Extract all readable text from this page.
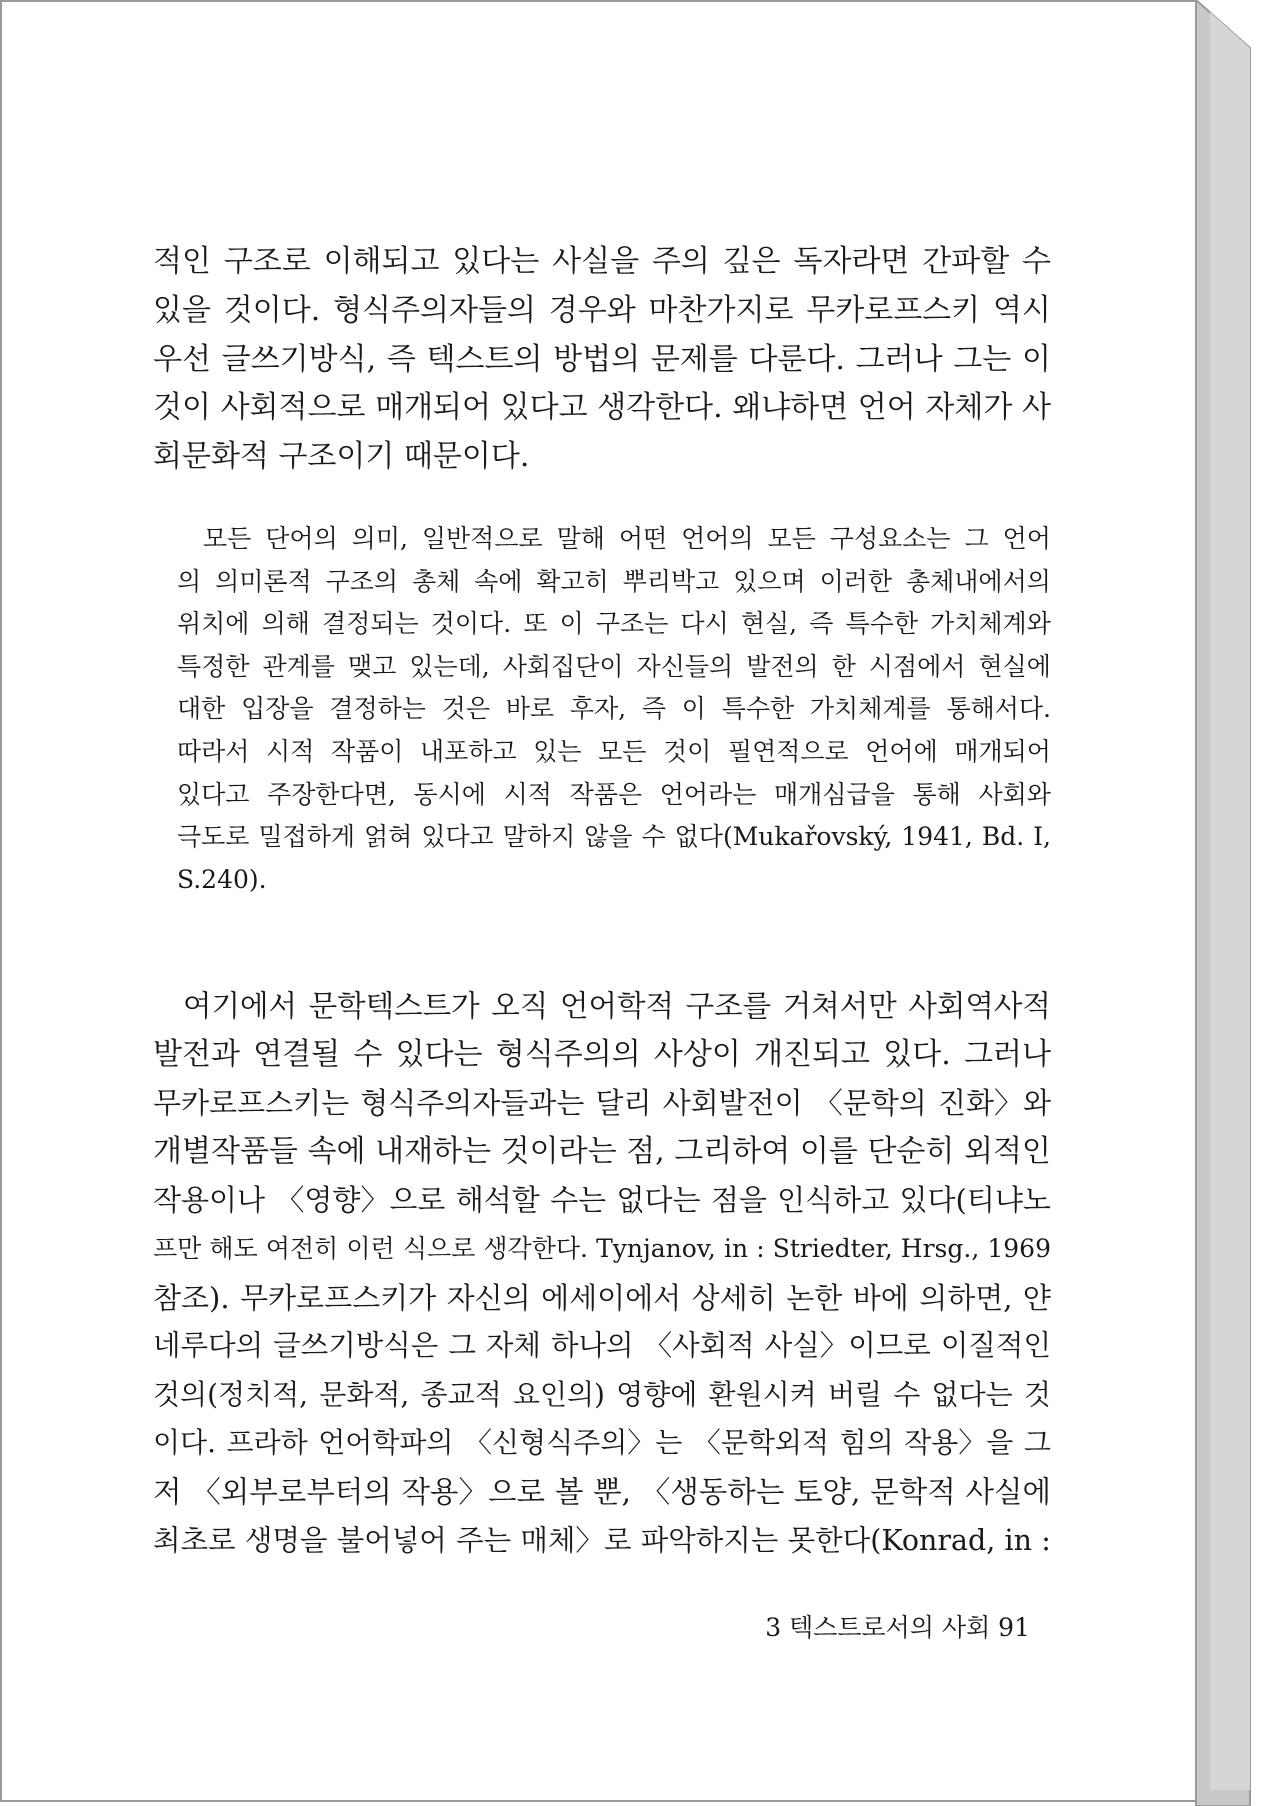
적인 구조로 이해되고 있다는 사실을 주의 깊은 독자라면 간파할 수
있을 것이다. 형식주의자들의 경우와 마찬가지로 무카로프스키 역시
우선 글쓰기방식, 즉 텍스트의 방법의 문제를 다룬다. 그러나 그는 이
것이 사회적으로 매개되어 있다고 생각한다. 왜냐하면 언어 자체가 사
회문화적 구조이기 때문이다.
모든 단어의 의미, 일반적으로 말해 어떤 언어의 모든 구성요소는 그 언어
의 의미론적 구조의 총체 속에 확고히 뿌리박고 있으며 이러한 총체내에서의
위치에 의해 결정되는 것이다. 또 이 구조는 다시 현실, 즉 특수한 가치체계와
특정한 관계를 맺고 있는데, 사회집단이 자신들의 발전의 한 시점에서 현실에
대한 입장을 결정하는 것은 바로 후자, 즉 이 특수한 가치체계를 통해서다.
따라서 시적 작품이 내포하고 있는 모든 것이 필연적으로 언어에 매개되어
있다고 주장한다면, 동시에 시적 작품은 언어라는 매개심급을 통해 사회와
극도로 밀접하게 얽혀 있다고 말하지 않을 수 없다(Mukařovský, 1941, Bd. I,
S.240).
여기에서 문학텍스트가 오직 언어학적 구조를 거쳐서만 사회역사적
발전과 연결될 수 있다는 형식주의의 사상이 개진되고 있다. 그러나
무카로프스키는 형식주의자들과는 달리 사회발전이 〈문학의 진화〉와
개별작품들 속에 내재하는 것이라는 점, 그리하여 이를 단순히 외적인
작용이나 〈영향〉으로 해석할 수는 없다는 점을 인식하고 있다(티냐노
프만 해도 여전히 이런 식으로 생각한다. Tynjanov, in : Striedter, Hrsg., 1969
참조). 무카로프스키가 자신의 에세이에서 상세히 논한 바에 의하면, 얀
네루다의 글쓰기방식은 그 자체 하나의 〈사회적 사실〉이므로 이질적인
것의(정치적, 문화적, 종교적 요인의) 영향에 환원시켜 버릴 수 없다는 것
이다. 프라하 언어학파의 〈신형식주의〉는 〈문학외적 힘의 작용〉을 그
저 〈외부로부터의 작용〉으로 볼 뿐, 〈생동하는 토양, 문학적 사실에
최초로 생명을 불어넣어 주는 매체〉로 파악하지는 못한다(Konrad, in :
3 텍스트로서의 사회 91
